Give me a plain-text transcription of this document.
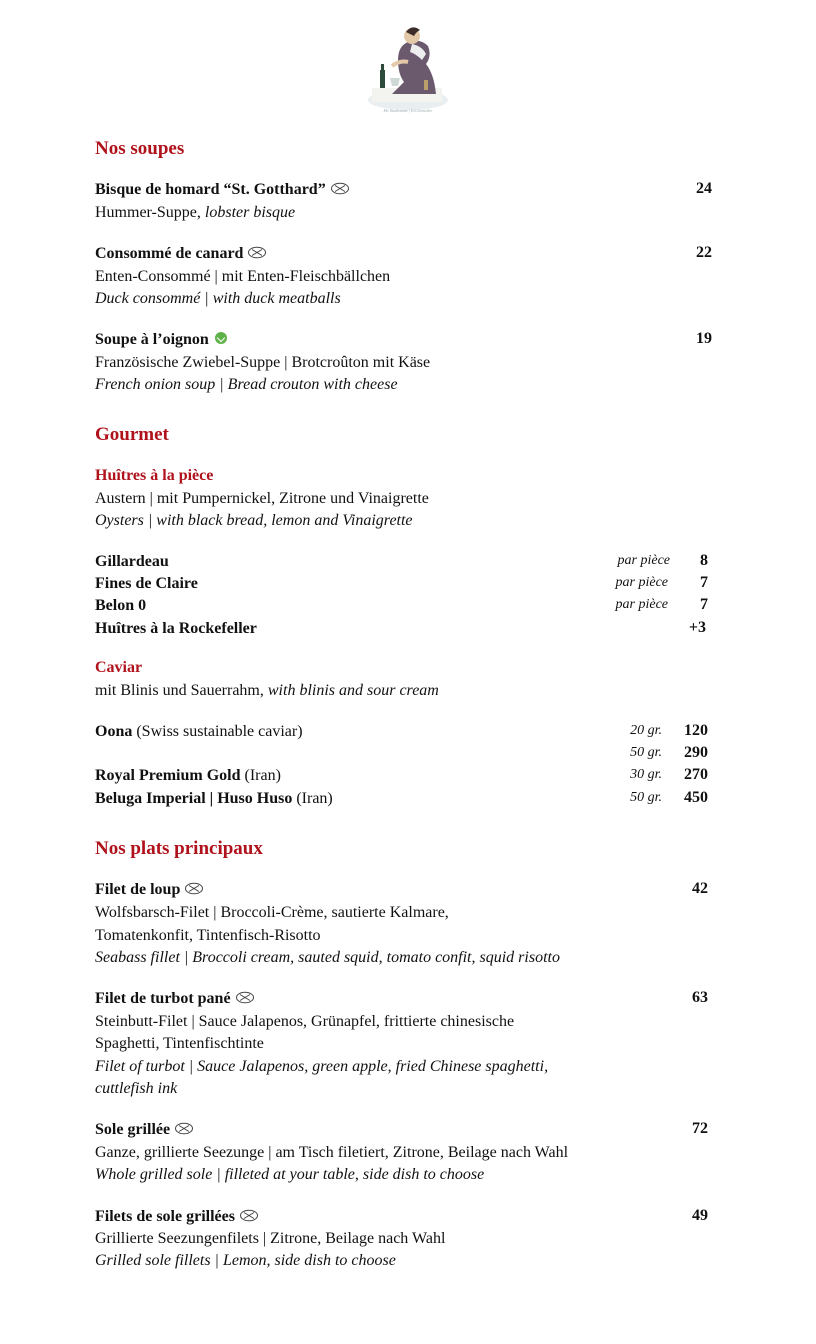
Mr. Bonhomme | Ein Genießer
Nos soupes
Bisque de homard “St. Gotthard”	24
Hummer-Suppe, lobster bisque
Consommé de canard	22
Enten-Consommé | mit Enten-Fleischbällchen
Duck consommé | with duck meatballs
Soupe à l’oignon	19
Französische Zwiebel-Suppe | Brotcroûton mit Käse
French onion soup | Bread crouton with cheese
Gourmet
Huîtres à la pièce
Austern | mit Pumpernickel, Zitrone und Vinaigrette
Oysters | with black bread, lemon and Vinaigrette
Gillardeau	par pièce	8
Fines de Claire	par pièce	7
Belon 0	par pièce	7
Huîtres à la Rockefeller	+3
Caviar
mit Blinis und Sauerrahm, with blinis and sour cream
Oona (Swiss sustainable caviar)	20 gr.	120
50 gr.	290
Royal Premium Gold (Iran)	30 gr.	270
Beluga Imperial | Huso Huso (Iran)	50 gr.	450
Nos plats principaux
Filet de loup	42
Wolfsbarsch-Filet | Broccoli-Crème, sautierte Kalmare,
Tomatenkonfit, Tintenfisch-Risotto
Seabass fillet | Broccoli cream, sauted squid, tomato confit, squid risotto
Filet de turbot pané	63
Steinbutt-Filet | Sauce Jalapenos, Grünapfel, frittierte chinesische
Spaghetti, Tintenfischtinte
Filet of turbot | Sauce Jalapenos, green apple, fried Chinese spaghetti,
cuttlefish ink
Sole grillée	72
Ganze, grillierte Seezunge | am Tisch filetiert, Zitrone, Beilage nach Wahl
Whole grilled sole | filleted at your table, side dish to choose
Filets de sole grillées	49
Grillierte Seezungenfilets | Zitrone, Beilage nach Wahl
Grilled sole fillets | Lemon, side dish to choose
